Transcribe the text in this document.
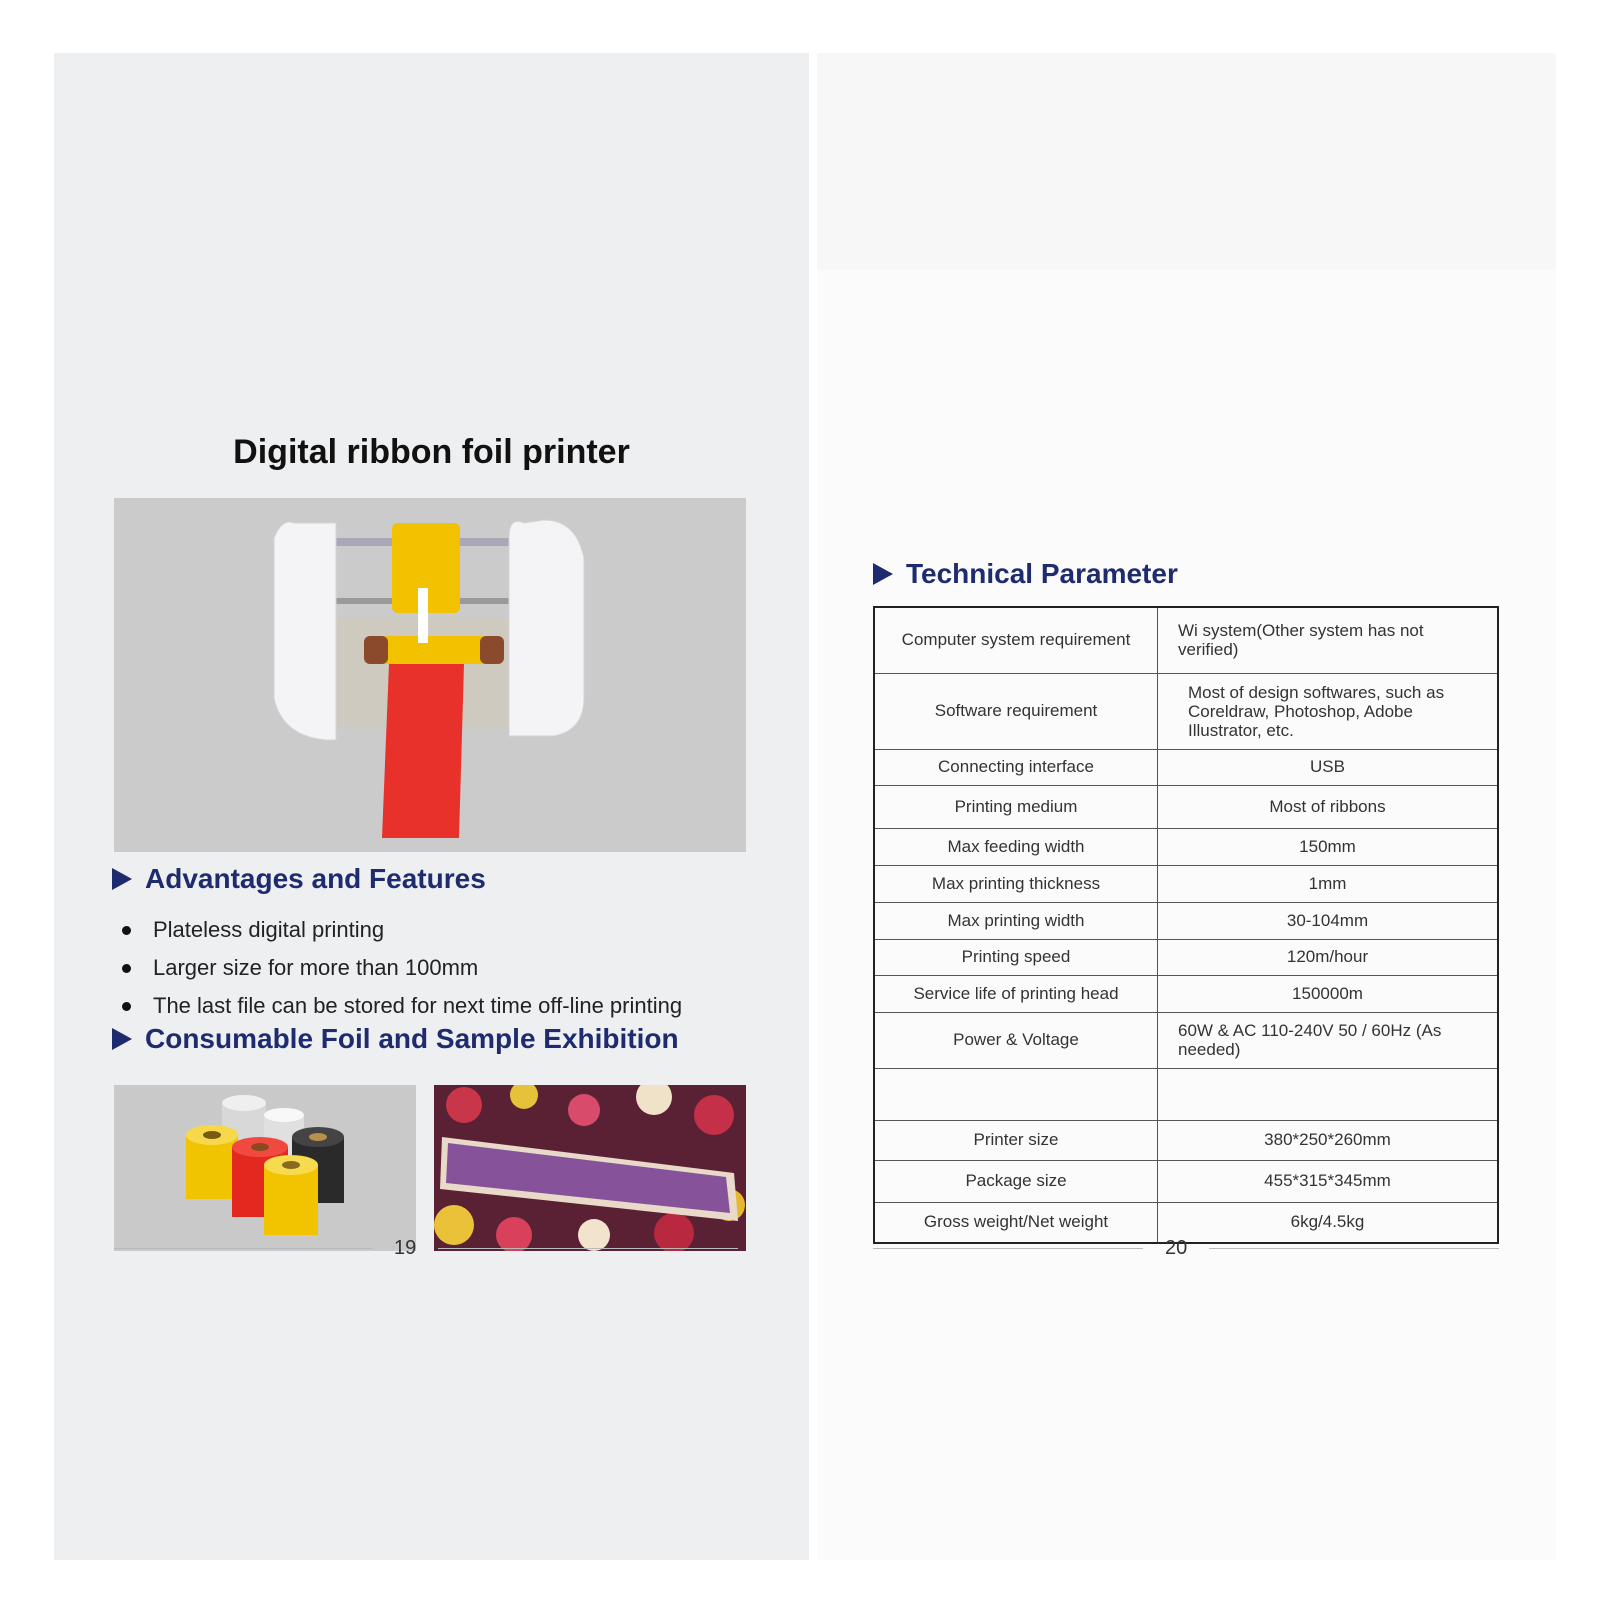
Digital ribbon foil printer
Advantages and Features
Plateless digital printing
Larger size for more than 100mm
The last file can be stored for next time off-line printing
Consumable Foil and Sample Exhibition
19
Technical Parameter
Computer system requirement	Wi system(Other system has not verified)
Software requirement	Most of design softwares, such as Coreldraw, Photoshop, Adobe Illustrator, etc.
Connecting interface	USB
Printing medium	Most of ribbons
Max feeding width	150mm
Max printing thickness	1mm
Max printing width	30-104mm
Printing speed	120m/hour
Service life of printing head	150000m
Power & Voltage	60W & AC 110-240V 50 / 60Hz (As needed)

Printer size	380*250*260mm
Package size	455*315*345mm
Gross weight/Net weight	6kg/4.5kg
20
